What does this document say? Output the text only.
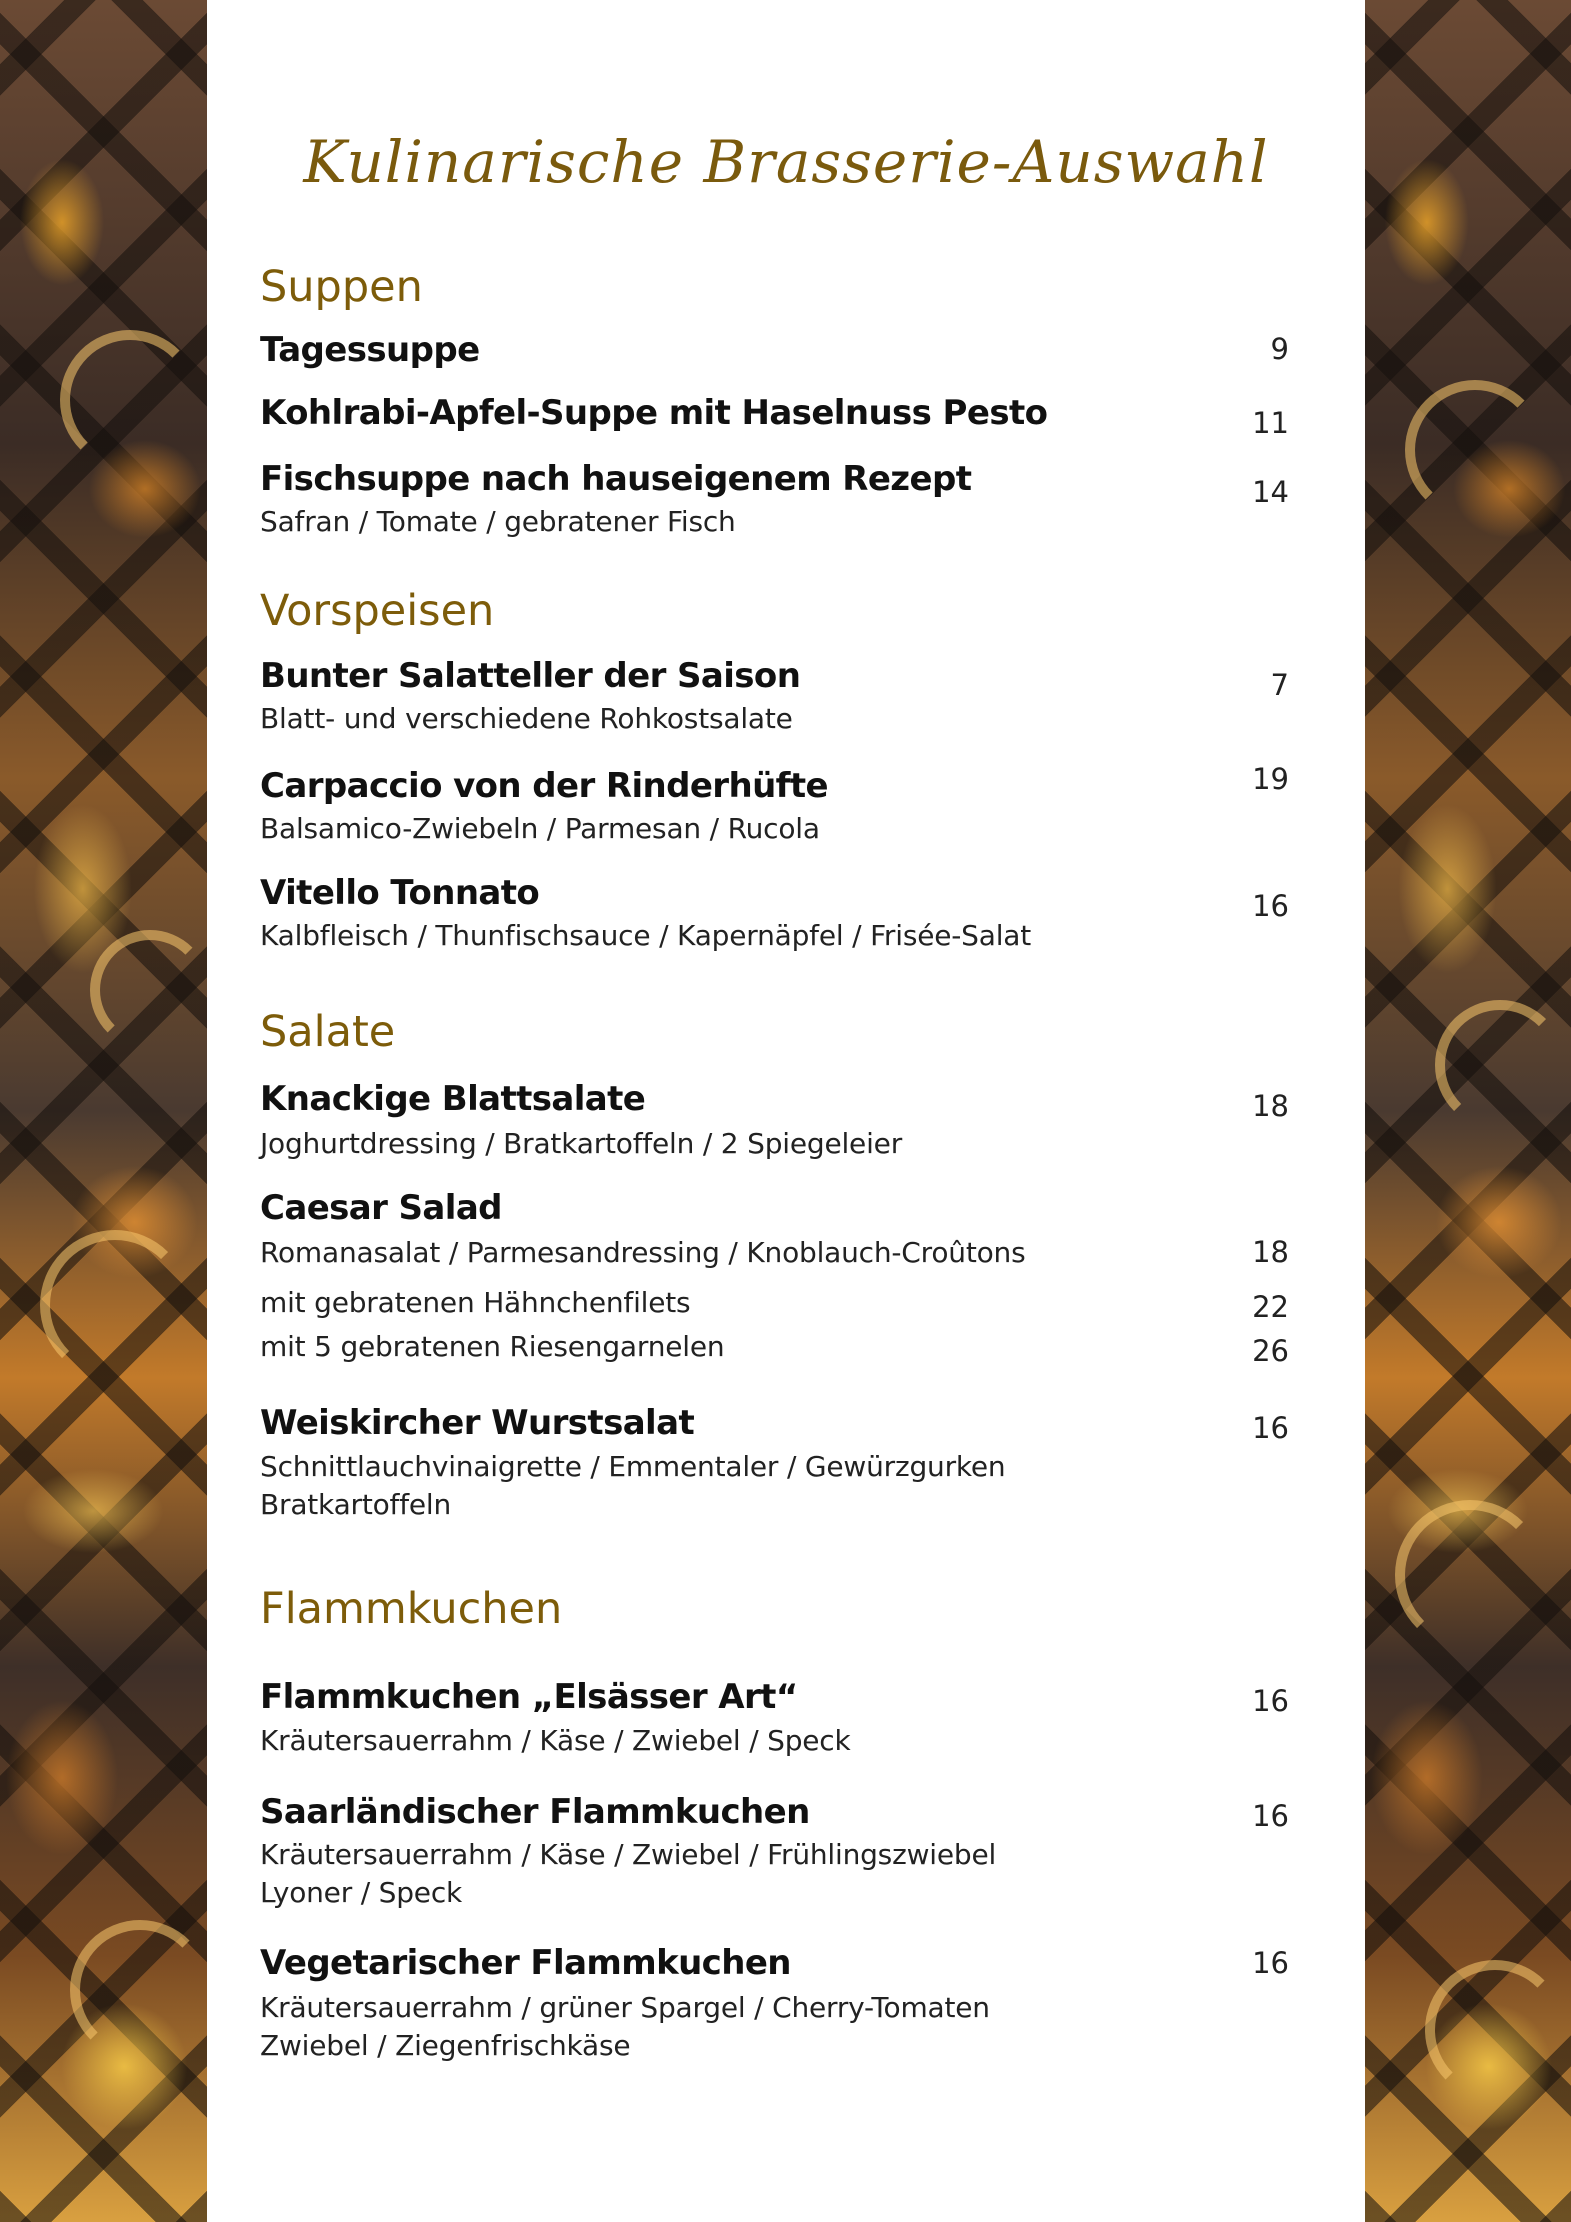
Kulinarische Brasserie-Auswahl
Suppen
Tagessuppe	9
Kohlrabi-Apfel-Suppe mit Haselnuss Pesto	11
Fischsuppe nach hauseigenem Rezept	14
Safran / Tomate / gebratener Fisch
Vorspeisen
Bunter Salatteller der Saison	7
Blatt- und verschiedene Rohkostsalate
Carpaccio von der Rinderhüfte	19
Balsamico-Zwiebeln / Parmesan / Rucola
Vitello Tonnato	16
Kalbfleisch / Thunfischsauce / Kapernäpfel / Frisée-Salat
Salate
Knackige Blattsalate	18
Joghurtdressing / Bratkartoffeln / 2 Spiegeleier
Caesar Salad
Romanasalat / Parmesandressing / Knoblauch-Croûtons	18
mit gebratenen Hähnchenfilets	22
mit 5 gebratenen Riesengarnelen	26
Weiskircher Wurstsalat	16
Schnittlauchvinaigrette / Emmentaler / Gewürzgurken
Bratkartoffeln
Flammkuchen
Flammkuchen „Elsässer Art“	16
Kräutersauerrahm / Käse / Zwiebel / Speck
Saarländischer Flammkuchen	16
Kräutersauerrahm / Käse / Zwiebel / Frühlingszwiebel
Lyoner / Speck
Vegetarischer Flammkuchen	16
Kräutersauerrahm / grüner Spargel / Cherry-Tomaten
Zwiebel / Ziegenfrischkäse
